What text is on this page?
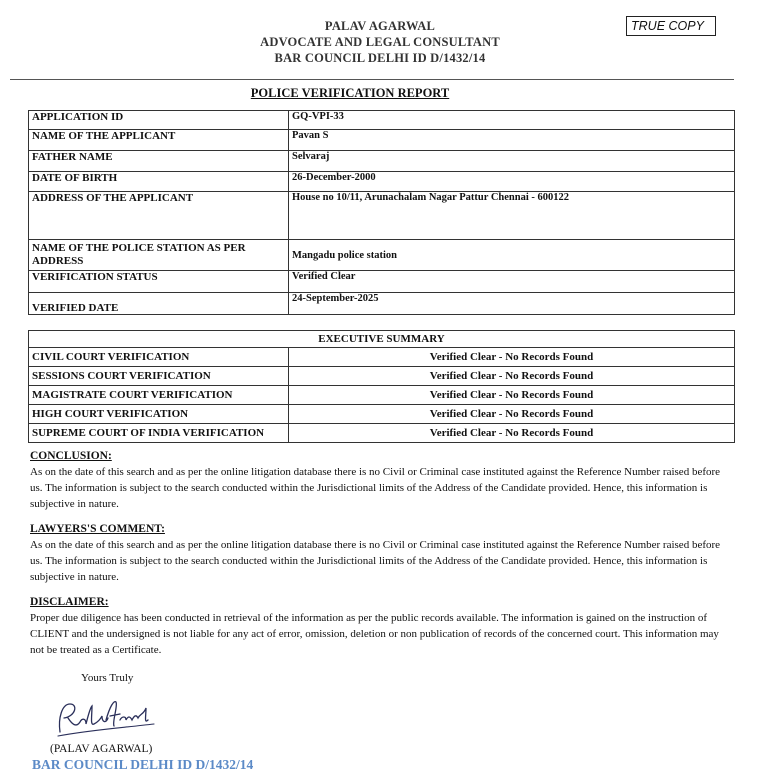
PALAV AGARWAL
ADVOCATE AND LEGAL CONSULTANT
BAR COUNCIL DELHI ID D/1432/14
TRUE COPY
POLICE VERIFICATION REPORT
APPLICATION ID	GQ-VPI-33
NAME OF THE APPLICANT	Pavan S
FATHER NAME	Selvaraj
DATE OF BIRTH	26-December-2000
ADDRESS OF THE APPLICANT	House no 10/11, Arunachalam Nagar Pattur Chennai - 600122
NAME OF THE POLICE STATION AS PER ADDRESS	Mangadu police station
VERIFICATION STATUS	Verified Clear
VERIFIED DATE	24-September-2025
EXECUTIVE SUMMARY	
CIVIL COURT VERIFICATION	Verified Clear - No Records Found
SESSIONS COURT VERIFICATION	Verified Clear - No Records Found
MAGISTRATE COURT VERIFICATION	Verified Clear - No Records Found
HIGH COURT VERIFICATION	Verified Clear - No Records Found
SUPREME COURT OF INDIA VERIFICATION	Verified Clear - No Records Found
CONCLUSION:
As on the date of this search and as per the online litigation database there is no Civil or Criminal case instituted against the Reference Number raised before us. The information is subject to the search conducted within the Jurisdictional limits of the Address of the Candidate provided. Hence, this information is subjective in nature.
LAWYERS'S COMMENT:
As on the date of this search and as per the online litigation database there is no Civil or Criminal case instituted against the Reference Number raised before us. The information is subject to the search conducted within the Jurisdictional limits of the Address of the Candidate provided. Hence, this information is subjective in nature.
DISCLAIMER:
Proper due diligence has been conducted in retrieval of the information as per the public records available. The information is gained on the instruction of CLIENT and the undersigned is not liable for any act of error, omission, deletion or non publication of records of the concerned court. This information may not be treated as a Certificate.
Yours Truly
(PALAV AGARWAL)
BAR COUNCIL DELHI ID D/1432/14
